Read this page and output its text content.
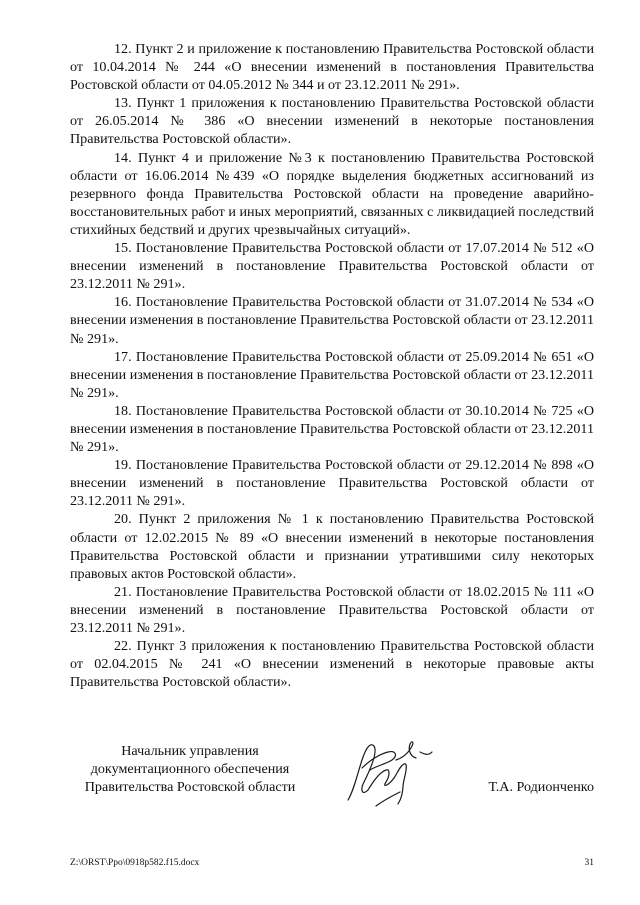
12. Пункт 2 и приложение к постановлению Правительства Ростовской области от 10.04.2014 № 244 «О внесении изменений в постановления Правительства Ростовской области от 04.05.2012 № 344 и от 23.12.2011 № 291».

13. Пункт 1 приложения к постановлению Правительства Ростовской области от 26.05.2014 № 386 «О внесении изменений в некоторые постановления Правительства Ростовской области».

14. Пункт 4 и приложение №3 к постановлению Правительства Ростовской области от 16.06.2014 №439 «О порядке выделения бюджетных ассигнований из резервного фонда Правительства Ростовской области на проведение аварийно-восстановительных работ и иных мероприятий, связанных с ликвидацией последствий стихийных бедствий и других чрезвычайных ситуаций».

15. Постановление Правительства Ростовской области от 17.07.2014 № 512 «О внесении изменений в постановление Правительства Ростовской области от 23.12.2011 № 291».

16. Постановление Правительства Ростовской области от 31.07.2014 № 534 «О внесении изменения в постановление Правительства Ростовской области от 23.12.2011 № 291».

17. Постановление Правительства Ростовской области от 25.09.2014 № 651 «О внесении изменения в постановление Правительства Ростовской области от 23.12.2011 № 291».

18. Постановление Правительства Ростовской области от 30.10.2014 № 725 «О внесении изменения в постановление Правительства Ростовской области от 23.12.2011 № 291».

19. Постановление Правительства Ростовской области от 29.12.2014 № 898 «О внесении изменений в постановление Правительства Ростовской области от 23.12.2011 № 291».

20. Пункт 2 приложения № 1 к постановлению Правительства Ростовской области от 12.02.2015 № 89 «О внесении изменений в некоторые постановления Правительства Ростовской области и признании утратившими силу некоторых правовых актов Ростовской области».

21. Постановление Правительства Ростовской области от 18.02.2015 № 111 «О внесении изменений в постановление Правительства Ростовской области от 23.12.2011 № 291».

22. Пункт 3 приложения к постановлению Правительства Ростовской области от 02.04.2015 № 241 «О внесении изменений в некоторые правовые акты Правительства Ростовской области».

Начальник управления
документационного обеспечения
Правительства Ростовской области	Т.А. Родионченко
Z:\ORST\Ppo\0918p582.f15.docx	31
